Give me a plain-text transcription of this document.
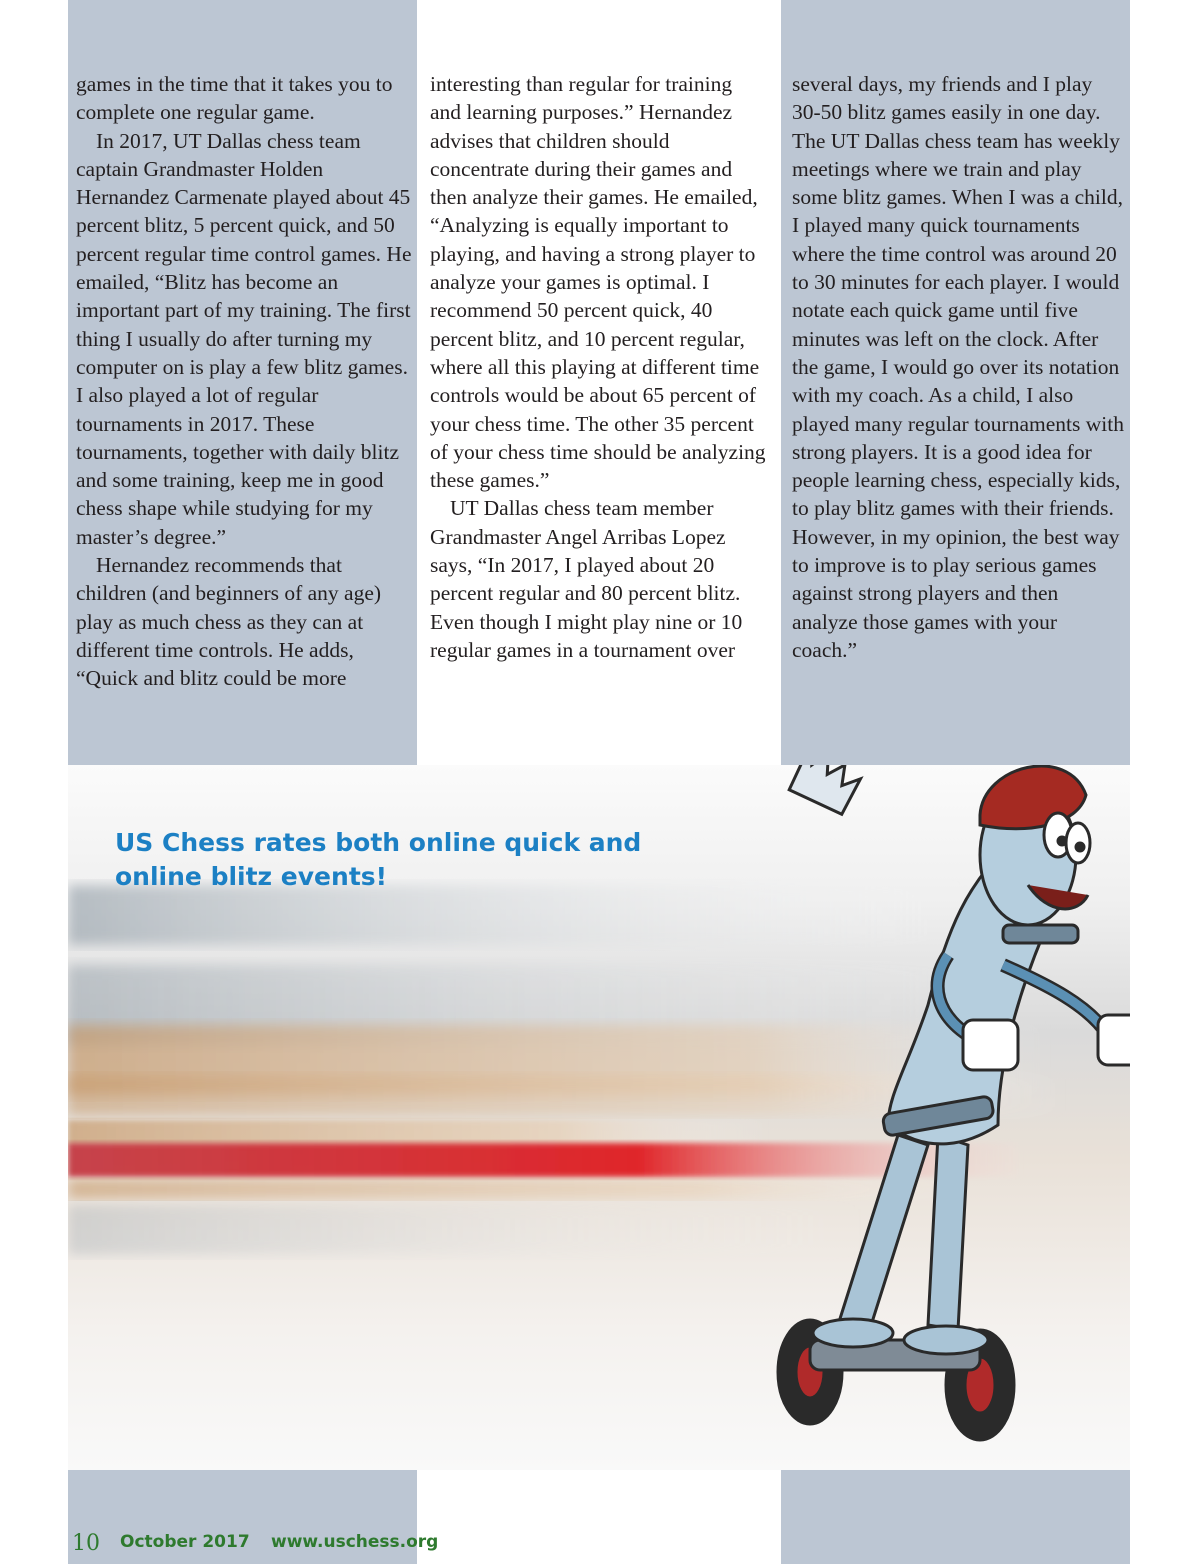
games in the time that it takes you to complete one regular game.

In 2017, UT Dallas chess team captain Grandmaster Holden Hernandez Carmenate played about 45 percent blitz, 5 percent quick, and 50 percent regular time control games. He emailed, “Blitz has become an important part of my training. The first thing I usually do after turning my computer on is play a few blitz games. I also played a lot of regular tournaments in 2017. These tournaments, together with daily blitz and some training, keep me in good chess shape while studying for my master’s degree.”

Hernandez recommends that children (and beginners of any age) play as much chess as they can at different time controls. He adds, “Quick and blitz could be more

interesting than regular for training and learning purposes.” Hernandez advises that children should concentrate during their games and then analyze their games. He emailed, “Analyzing is equally important to playing, and having a strong player to analyze your games is optimal. I recommend 50 percent quick, 40 percent blitz, and 10 percent regular, where all this playing at different time controls would be about 65 percent of your chess time. The other 35 percent of your chess time should be analyzing these games.”

UT Dallas chess team member Grandmaster Angel Arribas Lopez says, “In 2017, I played about 20 percent regular and 80 percent blitz. Even though I might play nine or 10 regular games in a tournament over

several days, my friends and I play 30-50 blitz games easily in one day. The UT Dallas chess team has weekly meetings where we train and play some blitz games. When I was a child, I played many quick tournaments where the time control was around 20 to 30 minutes for each player. I would notate each quick game until five minutes was left on the clock. After the game, I would go over its notation with my coach. As a child, I also played many regular tournaments with strong players. It is a good idea for people learning chess, especially kids, to play blitz games with their friends. However, in my opinion, the best way to improve is to play serious games against strong players and then analyze those games with your coach.”

US Chess rates both online quick and
online blitz events!
10 October 2017 www.uschess.org
